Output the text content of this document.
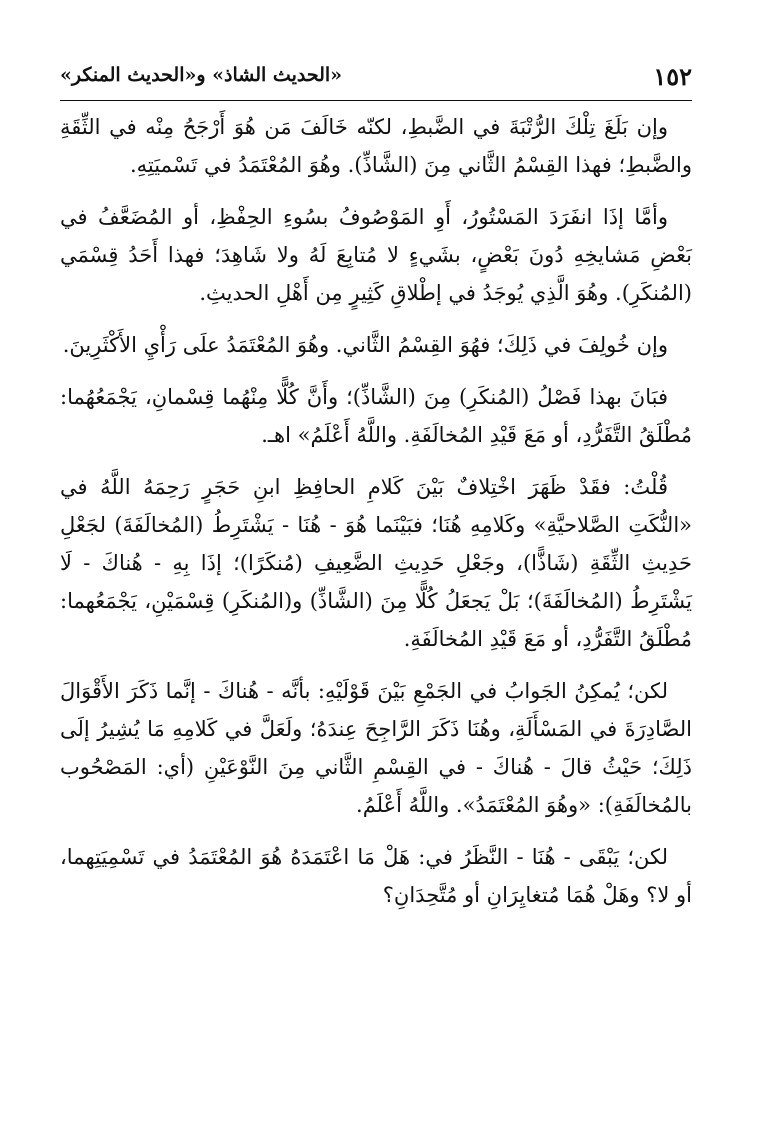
١٥٢
«الحديث الشاذ» و«الحديث المنكر»

وإن بَلَغَ تِلْكَ الرُّتْبَةَ في الضَّبطِ، لكنّه خَالَفَ مَن هُوَ أَرْجَحُ مِنْه في الثِّقَةِ والضَّبطِ؛ فهذا القِسْمُ الثَّاني مِنَ (الشَّاذِّ). وهُوَ المُعْتَمَدُ في تَسْميَتِهِ.

وأمَّا إذَا انفَرَدَ المَسْتُورُ، أَوِ المَوْصُوفُ بسُوءِ الحِفْظِ، أو المُضَعَّفُ في بَعْضِ مَشايخِهِ دُونَ بَعْضٍ، بشَيءٍ لا مُتابِعَ لَهُ ولا شَاهِدَ؛ فهذا أَحَدُ قِسْمَي (المُنكَرِ). وهُوَ الَّذِي يُوجَدُ في إطْلاقِ كَثِيرٍ مِن أَهْلِ الحديثِ.

وإن خُولِفَ في ذَلِكَ؛ فهُوَ القِسْمُ الثَّاني. وهُوَ المُعْتَمَدُ علَى رَأْيِ الأَكْثَرِينَ.

فبَانَ بهذا فَصْلُ (المُنكَرِ) مِنَ (الشَّاذِّ)؛ وأَنَّ كُلًّا مِنْهُما قِسْمانِ، يَجْمَعُهُما: مُطْلَقُ التَّفَرُّدِ، أو مَعَ قَيْدِ المُخالَفَةِ. واللَّهُ أَعْلَمُ» اهـ.

قُلْتُ: فقَدْ ظَهَرَ اخْتِلافٌ بَيْنَ كَلامِ الحافِظِ ابنِ حَجَرٍ رَحِمَهُ اللَّهُ في «النُّكَتِ الصَّلاحيَّةِ» وكَلامِهِ هُنَا؛ فبَيْنَما هُوَ - هُنَا - يَشْتَرِطُ (المُخالَفَةَ) لجَعْلِ حَدِيثِ الثِّقَةِ (شَاذًّا)، وجَعْلِ حَدِيثِ الضَّعِيفِ (مُنكَرًا)؛ إذَا بِهِ - هُناكَ - لَا يَشْتَرِطُ (المُخالَفَةَ)؛ بَلْ يَجعَلُ كُلًّا مِنَ (الشَّاذِّ) و(المُنكَرِ) قِسْمَيْنِ، يَجْمَعُهما: مُطْلَقُ التَّفَرُّدِ، أو مَعَ قَيْدِ المُخالَفَةِ.

لكن؛ يُمكِنُ الجَوابُ في الجَمْعِ بَيْنَ قَوْلَيْهِ: بأنَّه - هُناكَ - إنَّما ذَكَرَ الأَقْوَالَ الصَّادِرَةَ في المَسْأَلَةِ، وهُنَا ذَكَرَ الرَّاجِحَ عِندَهُ؛ ولَعَلَّ في كَلامِهِ مَا يُشِيرُ إلَى ذَلِكَ؛ حَيْثُ قالَ - هُناكَ - في القِسْمِ الثَّاني مِنَ النَّوْعَيْنِ (أي: المَصْحُوب بالمُخالَفَةِ): «وهُوَ المُعْتَمَدُ». واللَّهُ أَعْلَمُ.

لكن؛ يَبْقَى - هُنَا - النَّظَرُ في: هَلْ مَا اعْتَمَدَهُ هُوَ المُعْتَمَدُ في تَسْمِيَتِهما، أو لا؟ وهَلْ هُمَا مُتغايِرَانِ أو مُتَّحِدَانِ؟
